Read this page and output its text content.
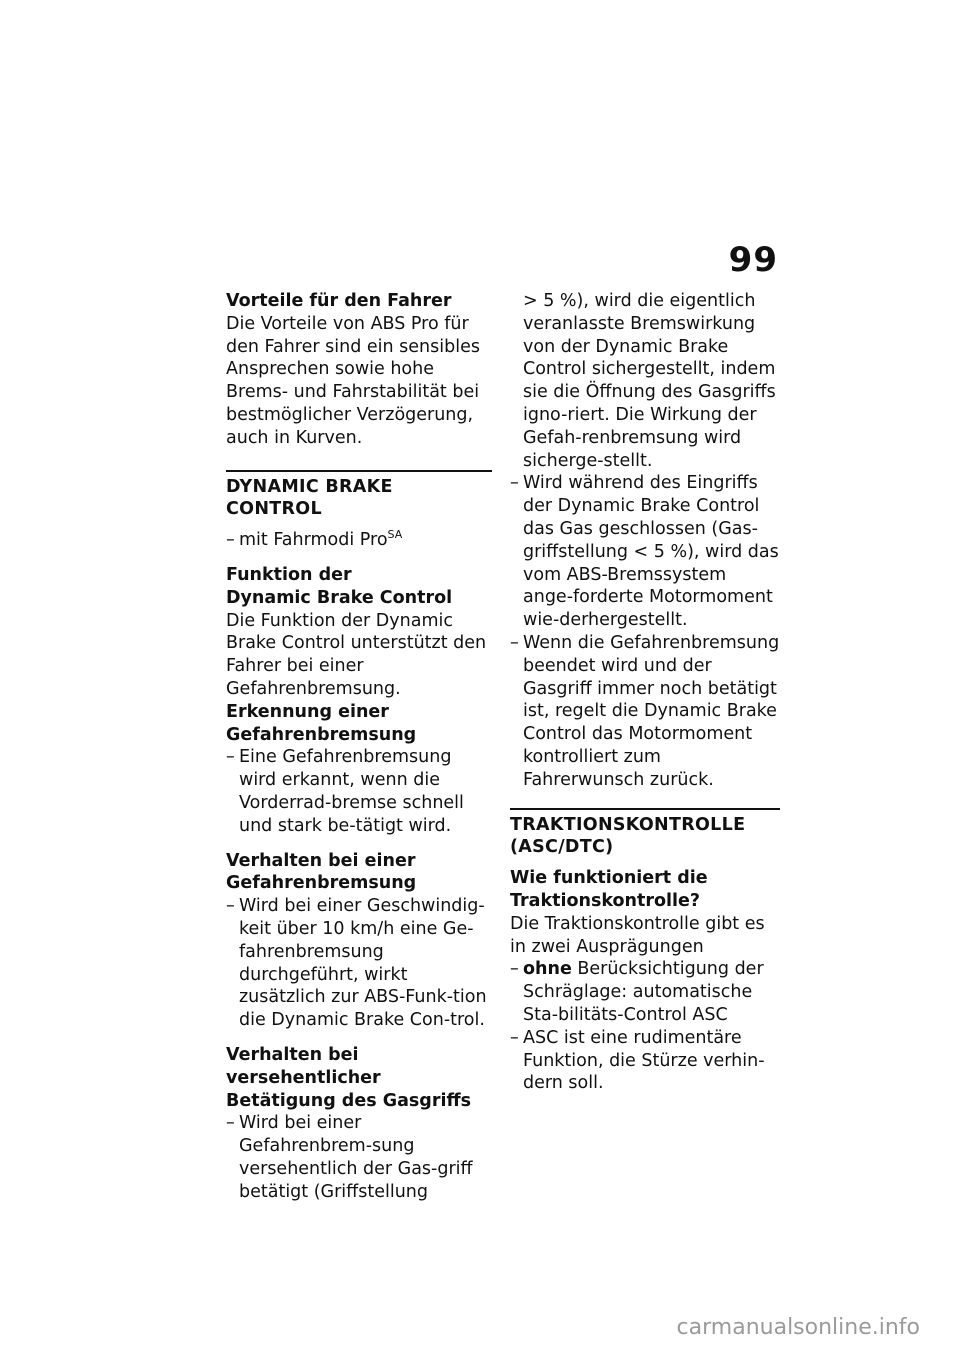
99

Vorteile für den Fahrer

Die Vorteile von ABS Pro für den Fahrer sind ein sensibles Ansprechen sowie hohe Brems- und Fahrstabilität bei bestmöglicher Verzögerung, auch in Kurven.

DYNAMIC BRAKE CONTROL

– mit Fahrmodi Pro$^{SA}$

Funktion der

Dynamic Brake Control

Die Funktion der Dynamic Brake Control unterstützt den Fahrer bei einer Gefahrenbremsung.

Erkennung einer

Gefahrenbremsung

– Eine Gefahrenbremsung wird erkannt, wenn die Vorderrad-bremse schnell und stark be-tätigt wird.

Verhalten bei einer

Gefahrenbremsung

– Wird bei einer Geschwindig-keit über 10 km/h eine Ge-fahrenbremsung durchgeführt, wirkt zusätzlich zur ABS-Funk-tion die Dynamic Brake Con-trol.

Verhalten bei versehentlicher

Betätigung des Gasgriffs

– Wird bei einer Gefahrenbrem-sung versehentlich der Gas-griff betätigt (Griffstellung

> 5 %), wird die eigentlich veranlasste Bremswirkung von der Dynamic Brake Control sichergestellt, indem sie die Öffnung des Gasgriffs igno-riert. Die Wirkung der Gefah-renbremsung wird sicherge-stellt.

– Wird während des Eingriffs der Dynamic Brake Control das Gas geschlossen (Gas-griffstellung < 5 %), wird das vom ABS-Bremssystem ange-forderte Motormoment wie-derhergestellt.

– Wenn die Gefahrenbremsung beendet wird und der Gasgriff immer noch betätigt ist, regelt die Dynamic Brake Control das Motormoment kontrolliert zum Fahrerwunsch zurück.

TRAKTIONSKONTROLLE (ASC/DTC)

Wie funktioniert die

Traktionskontrolle?

Die Traktionskontrolle gibt es in zwei Ausprägungen

– ohne Berücksichtigung der Schräglage: automatische Sta-bilitäts-Control ASC

– ASC ist eine rudimentäre Funktion, die Stürze verhin-dern soll.

carmanualsonline.info
